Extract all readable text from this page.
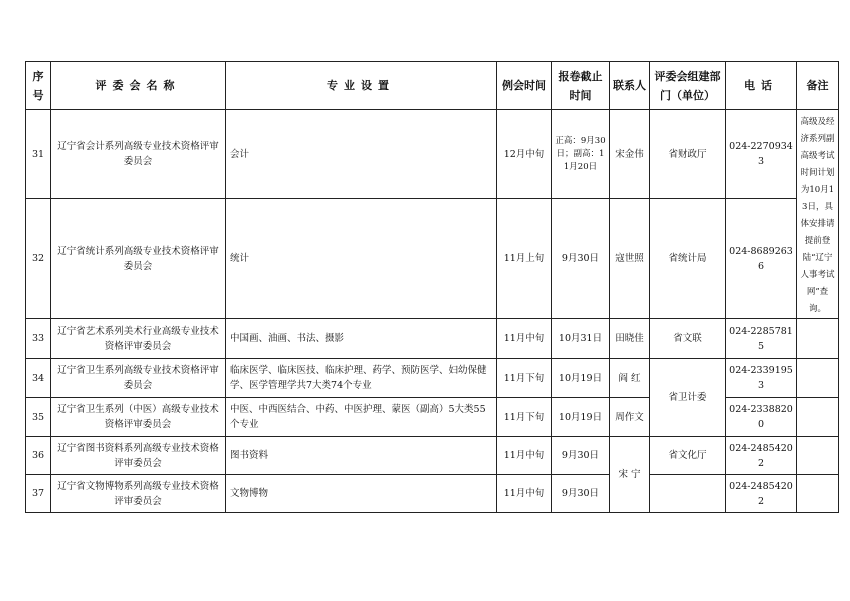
序号	评委会名称	专业设置	例会时间	报卷截止时间	联系人	评委会组建部门（单位）	电话	备注
31	辽宁省会计系列高级专业技术资格评审委员会	会计	12月中旬	正高：9月30日；副高：11月20日	宋金伟	省财政厅	024-22709343	高级及经济系列副高级考试时间计划为10月13日，具体安排请提前登陆“辽宁人事考试网”查询。
32	辽宁省统计系列高级专业技术资格评审委员会	统计	11月上旬	9月30日	寇世照	省统计局	024-86892636	
33	辽宁省艺术系列美术行业高级专业技术资格评审委员会	中国画、油画、书法、摄影	11月中旬	10月31日	田晓佳	省文联	024-22857815	
34	辽宁省卫生系列高级专业技术资格评审委员会	临床医学、临床医技、临床护理、药学、预防医学、妇幼保健学、医学管理学共7大类74个专业	11月下旬	10月19日	阎 红	省卫计委	024-23391953	
35	辽宁省卫生系列（中医）高级专业技术资格评审委员会	中医、中西医结合、中药、中医护理、蒙医（副高）5大类55个专业	11月下旬	10月19日	周作文		024-23388200	
36	辽宁省图书资料系列高级专业技术资格评审委员会	图书资料	11月中旬	9月30日	宋 宁	省文化厅	024-24854202	
37	辽宁省文物博物系列高级专业技术资格评审委员会	文物博物	11月中旬	9月30日			024-24854202	
